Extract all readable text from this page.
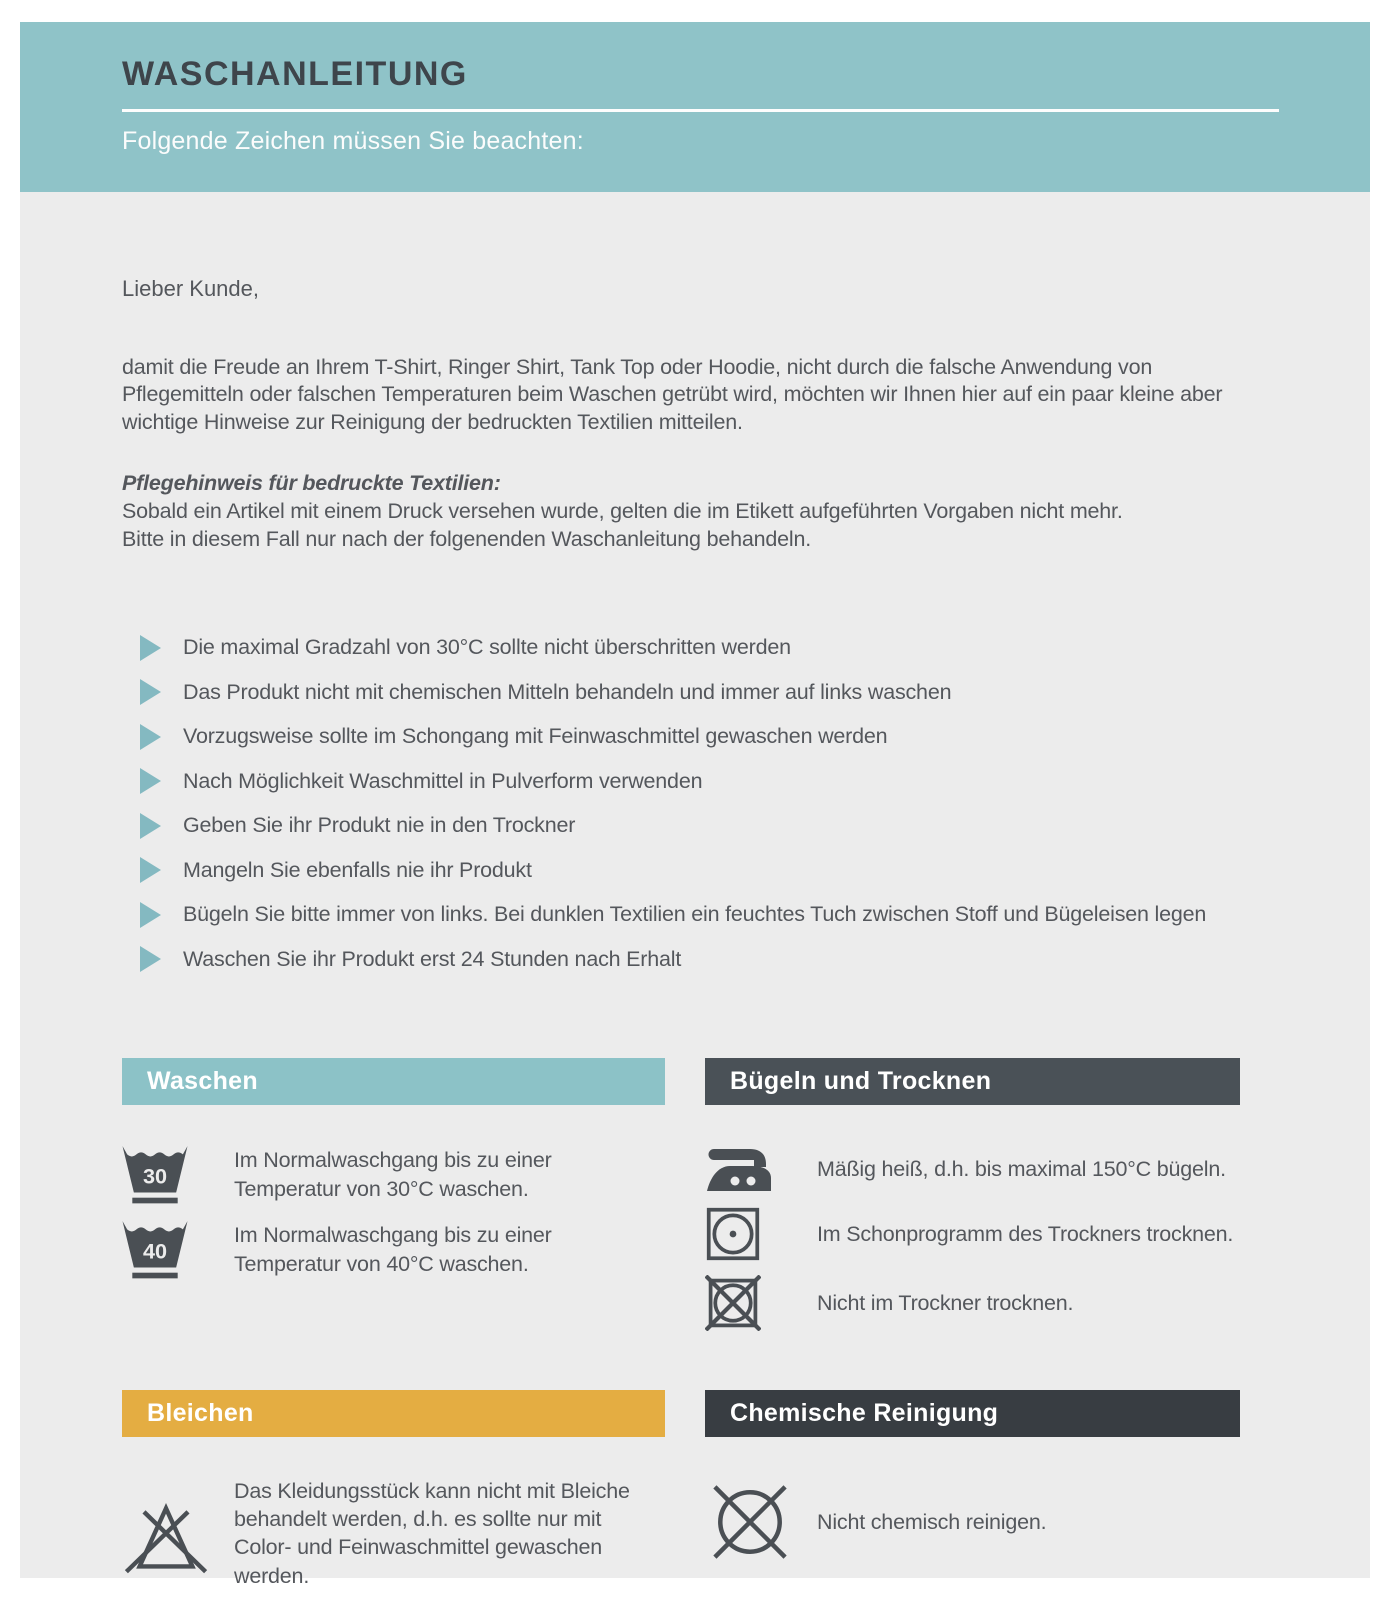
WASCHANLEITUNG

Folgende Zeichen müssen Sie beachten:

Lieber Kunde,

damit die Freude an Ihrem T-Shirt, Ringer Shirt, Tank Top oder Hoodie, nicht durch die falsche Anwendung von Pflegemitteln oder falschen Temperaturen beim Waschen getrübt wird, möchten wir Ihnen hier auf ein paar kleine aber wichtige Hinweise zur Reinigung der bedruckten Textilien mitteilen.

Pflegehinweis für bedruckte Textilien:

Sobald ein Artikel mit einem Druck versehen wurde, gelten die im Etikett aufgeführten Vorgaben nicht mehr.

Bitte in diesem Fall nur nach der folgenenden Waschanleitung behandeln.

Die maximal Gradzahl von 30°C sollte nicht überschritten werden
Das Produkt nicht mit chemischen Mitteln behandeln und immer auf links waschen
Vorzugsweise sollte im Schongang mit Feinwaschmittel gewaschen werden
Nach Möglichkeit Waschmittel in Pulverform verwenden
Geben Sie ihr Produkt nie in den Trockner
Mangeln Sie ebenfalls nie ihr Produkt
Bügeln Sie bitte immer von links. Bei dunklen Textilien ein feuchtes Tuch zwischen Stoff und Bügeleisen legen
Waschen Sie ihr Produkt erst 24 Stunden nach Erhalt
Waschen
30
Im Normalwaschgang bis zu einer Temperatur von 30°C waschen.
40
Im Normalwaschgang bis zu einer Temperatur von 40°C waschen.
Bügeln und Trocknen
Mäßig heiß, d.h. bis maximal 150°C bügeln.
Im Schonprogramm des Trockners trocknen.
Nicht im Trockner trocknen.
Bleichen
Das Kleidungsstück kann nicht mit Bleiche behandelt werden, d.h. es sollte nur mit Color- und Feinwaschmittel gewaschen werden.
Chemische Reinigung
Nicht chemisch reinigen.
